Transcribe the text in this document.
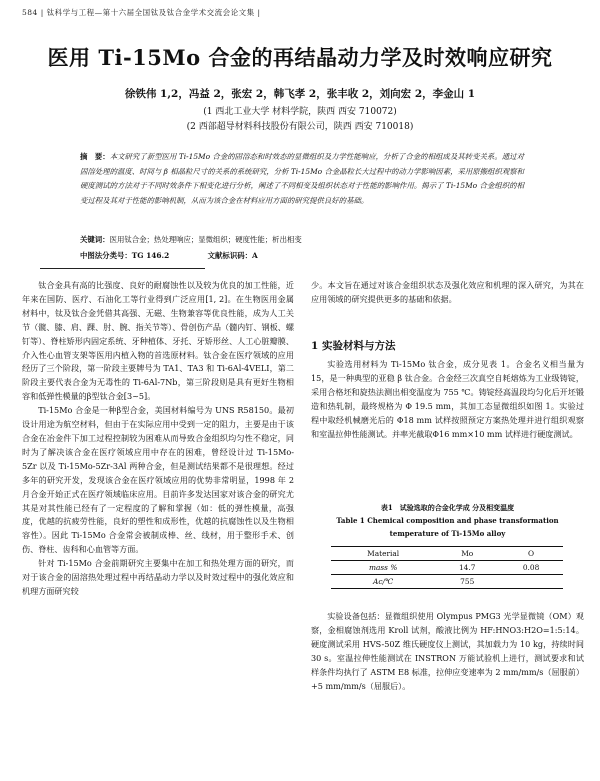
584 | 钛科学与工程—第十六届全国钛及钛合金学术交流会论文集 |
医用 Ti-15Mo 合金的再结晶动力学及时效响应研究
徐铁伟 1,2，冯益 2，张宏 2，韩飞孝 2，张丰收 2，刘向宏 2，李金山 1
(1 西北工业大学 材料学院，陕西 西安 710072)
(2 西部超导材料科技股份有限公司，陕西 西安 710018)
摘　要：本文研究了新型医用 Ti-15Mo 合金的固溶态和时效态的显微组织及力学性能响应，分析了合金的相组成及其转变关系。通过对固溶处理的温度、时间与 β 相晶粒尺寸的关系的系统研究，分析 Ti-15Mo 合金晶粒长大过程中的动力学影响因素，采用原搬组织观察和硬度测试的方法对于不同时效条件下相变化进行分析，阐述了不同相变及组织状态对于性能的影响作用。揭示了 Ti-15Mo 合金组织的相变过程及其对于性能的影响机制，从而为该合金在材料应用方面的研究提供良好的基础。
关键词：医用钛合金；热处理响应；显微组织；硬度性能；析出相变
中图法分类号：TG 146.2	文献标识码：A

钛合金具有高的比强度、良好的耐腐蚀性以及较为优良的加工性能，近年来在国防、医疗、石油化工等行业得到广泛应用[1, 2]。在生物医用金属材料中，钛及钛合金凭借其高强、无磁、生物兼容等优良性能，成为人工关节（髋、膝、肩、踝、肘、腕、指关节等）、骨创伤产品（髓内钉、钢板、螺钉等）、脊柱矫形内固定系统、牙种植体、牙托、牙矫形丝、人工心脏瓣膜、介入性心血管支架等医用内植入物的首选原材料。钛合金在医疗领域的应用经历了三个阶段，第一阶段主要牌号为 TA1、TA3 和 Ti-6Al-4VELI，第二阶段主要代表合金为无毒性的 Ti-6Al-7Nb，第三阶段则是具有更好生物相容和低弹性模量的β型钛合金[3~5]。

Ti-15Mo 合金是一种β型合金，美国材料编号为 UNS R58150。最初设计用途为航空材料，但由于在实际应用中受到一定的阻力，主要是由于该合金在冶金件下加工过程控制较为困难从而导致合金组织均匀性不稳定，同时为了解决该合金在医疗领域应用中存在的困难，曾经设计过 Ti-15Mo-5Zr 以及 Ti-15Mo-5Zr-3Al 两种合金，但是测试结果都不是很理想。经过多年的研究开发，发现该合金在医疗领域应用的优势非常明显，1998 年 2 月合金开始正式在医疗领域临床应用。目前许多发达国家对该合金的研究尤其是对其性能已经有了一定程度的了解和掌握（如：低的弹性模量，高强度，优越的抗疲劳性能，良好的塑性和成形性，优越的抗腐蚀性以及生物相容性）。因此 Ti-15Mo 合金常会被制成棒、丝、线材，用于整形手术、创伤、脊柱、齿科和心血管等方面。

针对 Ti-15Mo 合金前期研究主要集中在加工和热处理方面的研究，而对于该合金的固溶热处理过程中再结晶动力学以及时效过程中的强化效应和机理方面研究较

少。本文旨在通过对该合金组织状态及强化效应和机理的深入研究，为其在应用领域的研究提供更多的基础和依据。

1 实验材料与方法

实验选用材料为 Ti-15Mo 钛合金，成分见表 1。合金名义相当量为 15，是一种典型的亚稳 β 钛合金。合金经三次真空自耗熔炼为工业级铸锭，采用合格坯和旋热法测出相变温度为 755 ℃。铸锭经高温段均匀化后开坯锻造和热轧制，最终规格为 Φ 19.5 mm，其加工态显微组织如图 1。实验过程中取经机械磨光后的 Φ18 mm 试样按照预定方案热处理并进行组织观察和室温拉伸性能测试。并率光截取Φ16 mm×10 mm 试样进行硬度测试。

表1　试验选取的合金化学成 分及相变温度
Table 1 Chemical composition and phase transformation
temperature of Ti-15Mo alloy
Material	Mo	O
mass %	14.7	0.08
Ac/℃	755	

实验设备包括：显微组织使用 Olympus PMG3 光学显微镜（OM）观察，金相腐蚀剂选用 Kroll 试剂，酸液比例为 HF:HNO3:H2O=1:5:14。硬度测试采用 HVS-50Z 维氏硬度仪上测试，其加载力为 10 kg，持续时间 30 s。室温拉伸性能测试在 INSTRON 万能试验机上进行，测试要求和试样条件均执行了 ASTM E8 标准，拉伸应变速率为 2 mm/mm/s（屈服前）+5 mm/mm/s（屈服后）。
